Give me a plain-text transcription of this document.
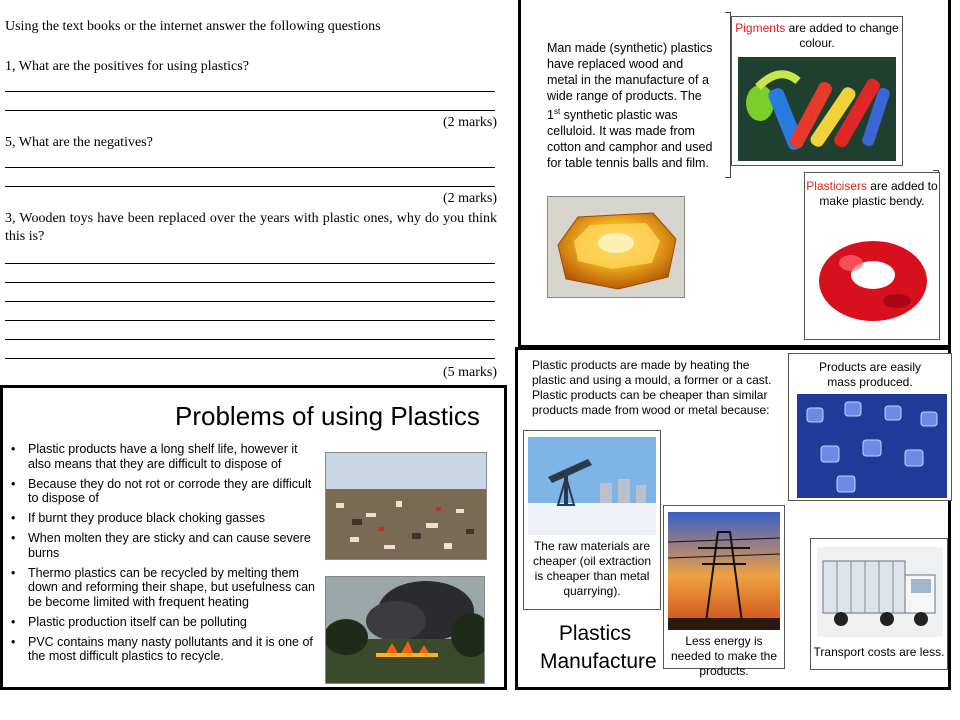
Using the text books or the internet answer the following questions
1, What are the positives for using plastics?
(2 marks)
5, What are the negatives?
(2 marks)
3, Wooden toys have been replaced over the years with plastic ones, why do you think this is?
(5 marks)
Man made (synthetic) plastics have replaced wood and metal in the manufacture of a wide range of products. The 1st synthetic plastic was celluloid. It was made from cotton and camphor and used for table tennis balls and film.
Pigments are added to change colour.
Plasticisers are added to make plastic bendy.
Problems of using Plastics
• Plastic products have a long shelf life, however it also means that they are difficult to dispose of
• Because they do not rot or corrode they are difficult to dispose of
• If burnt they produce black choking gasses
• When molten they are sticky and can cause severe burns
• Thermo plastics can be recycled by melting them down and reforming their shape, but usefulness can be become limited with frequent heating
• Plastic production itself can be polluting
• PVC contains many nasty pollutants and it is one of the most difficult plastics to recycle.
Plastic products are made by heating the plastic and using a mould, a former or a cast. Plastic products can be cheaper than similar products made from wood or metal because:
Products are easily mass produced.
The raw materials are cheaper (oil extraction is cheaper than metal quarrying).
Less energy is needed to make the products.
Transport costs are less.
Plastics Manufacture
